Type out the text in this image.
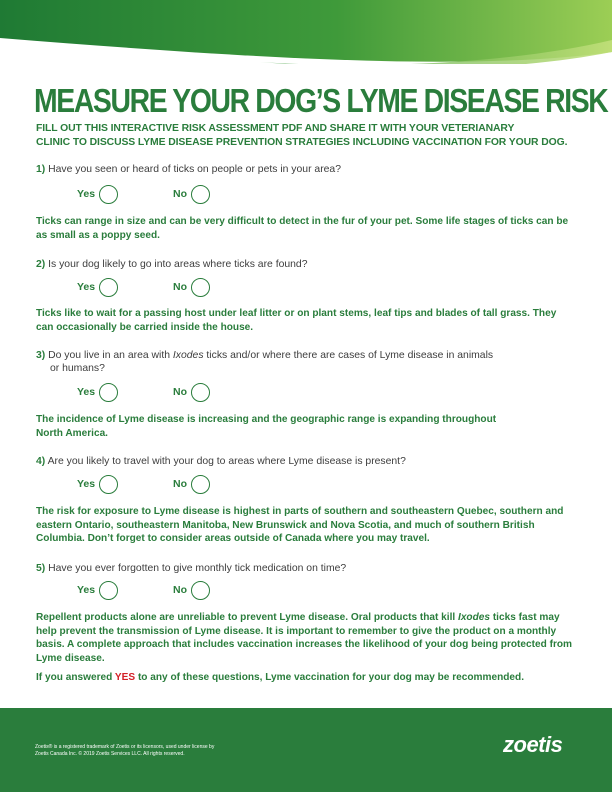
MEASURE YOUR DOG’S LYME DISEASE RISK

FILL OUT THIS INTERACTIVE RISK ASSESSMENT PDF AND SHARE IT WITH YOUR VETERIANARY
CLINIC TO DISCUSS LYME DISEASE PREVENTION STRATEGIES INCLUDING VACCINATION FOR YOUR DOG.

1) Have you seen or heard of ticks on people or pets in your area?

Yes	No

Ticks can range in size and can be very difficult to detect in the fur of your pet. Some life stages of ticks can be as small as a poppy seed.

2) Is your dog likely to go into areas where ticks are found?

Yes	No

Ticks like to wait for a passing host under leaf litter or on plant stems, leaf tips and blades of tall grass. They can occasionally be carried inside the house.

3) Do you live in an area with Ixodes ticks and/or where there are cases of Lyme disease in animals
or humans?

Yes	No

The incidence of Lyme disease is increasing and the geographic range is expanding throughout
North America.

4) Are you likely to travel with your dog to areas where Lyme disease is present?

Yes	No

The risk for exposure to Lyme disease is highest in parts of southern and southeastern Quebec, southern and eastern Ontario, southeastern Manitoba, New Brunswick and Nova Scotia, and much of southern British Columbia. Don’t forget to consider areas outside of Canada where you may travel.

5) Have you ever forgotten to give monthly tick medication on time?

Yes	No

Repellent products alone are unreliable to prevent Lyme disease. Oral products that kill Ixodes ticks fast may help prevent the transmission of Lyme disease. It is important to remember to give the product on a monthly basis. A complete approach that includes vaccination increases the likelihood of your dog being protected from Lyme disease.

If you answered YES to any of these questions, Lyme vaccination for your dog may be recommended.

Zoetis® is a registered trademark of Zoetis or its licensors, used under license by
Zoetis Canada Inc. © 2019 Zoetis Services LLC. All rights reserved.	zoetis
